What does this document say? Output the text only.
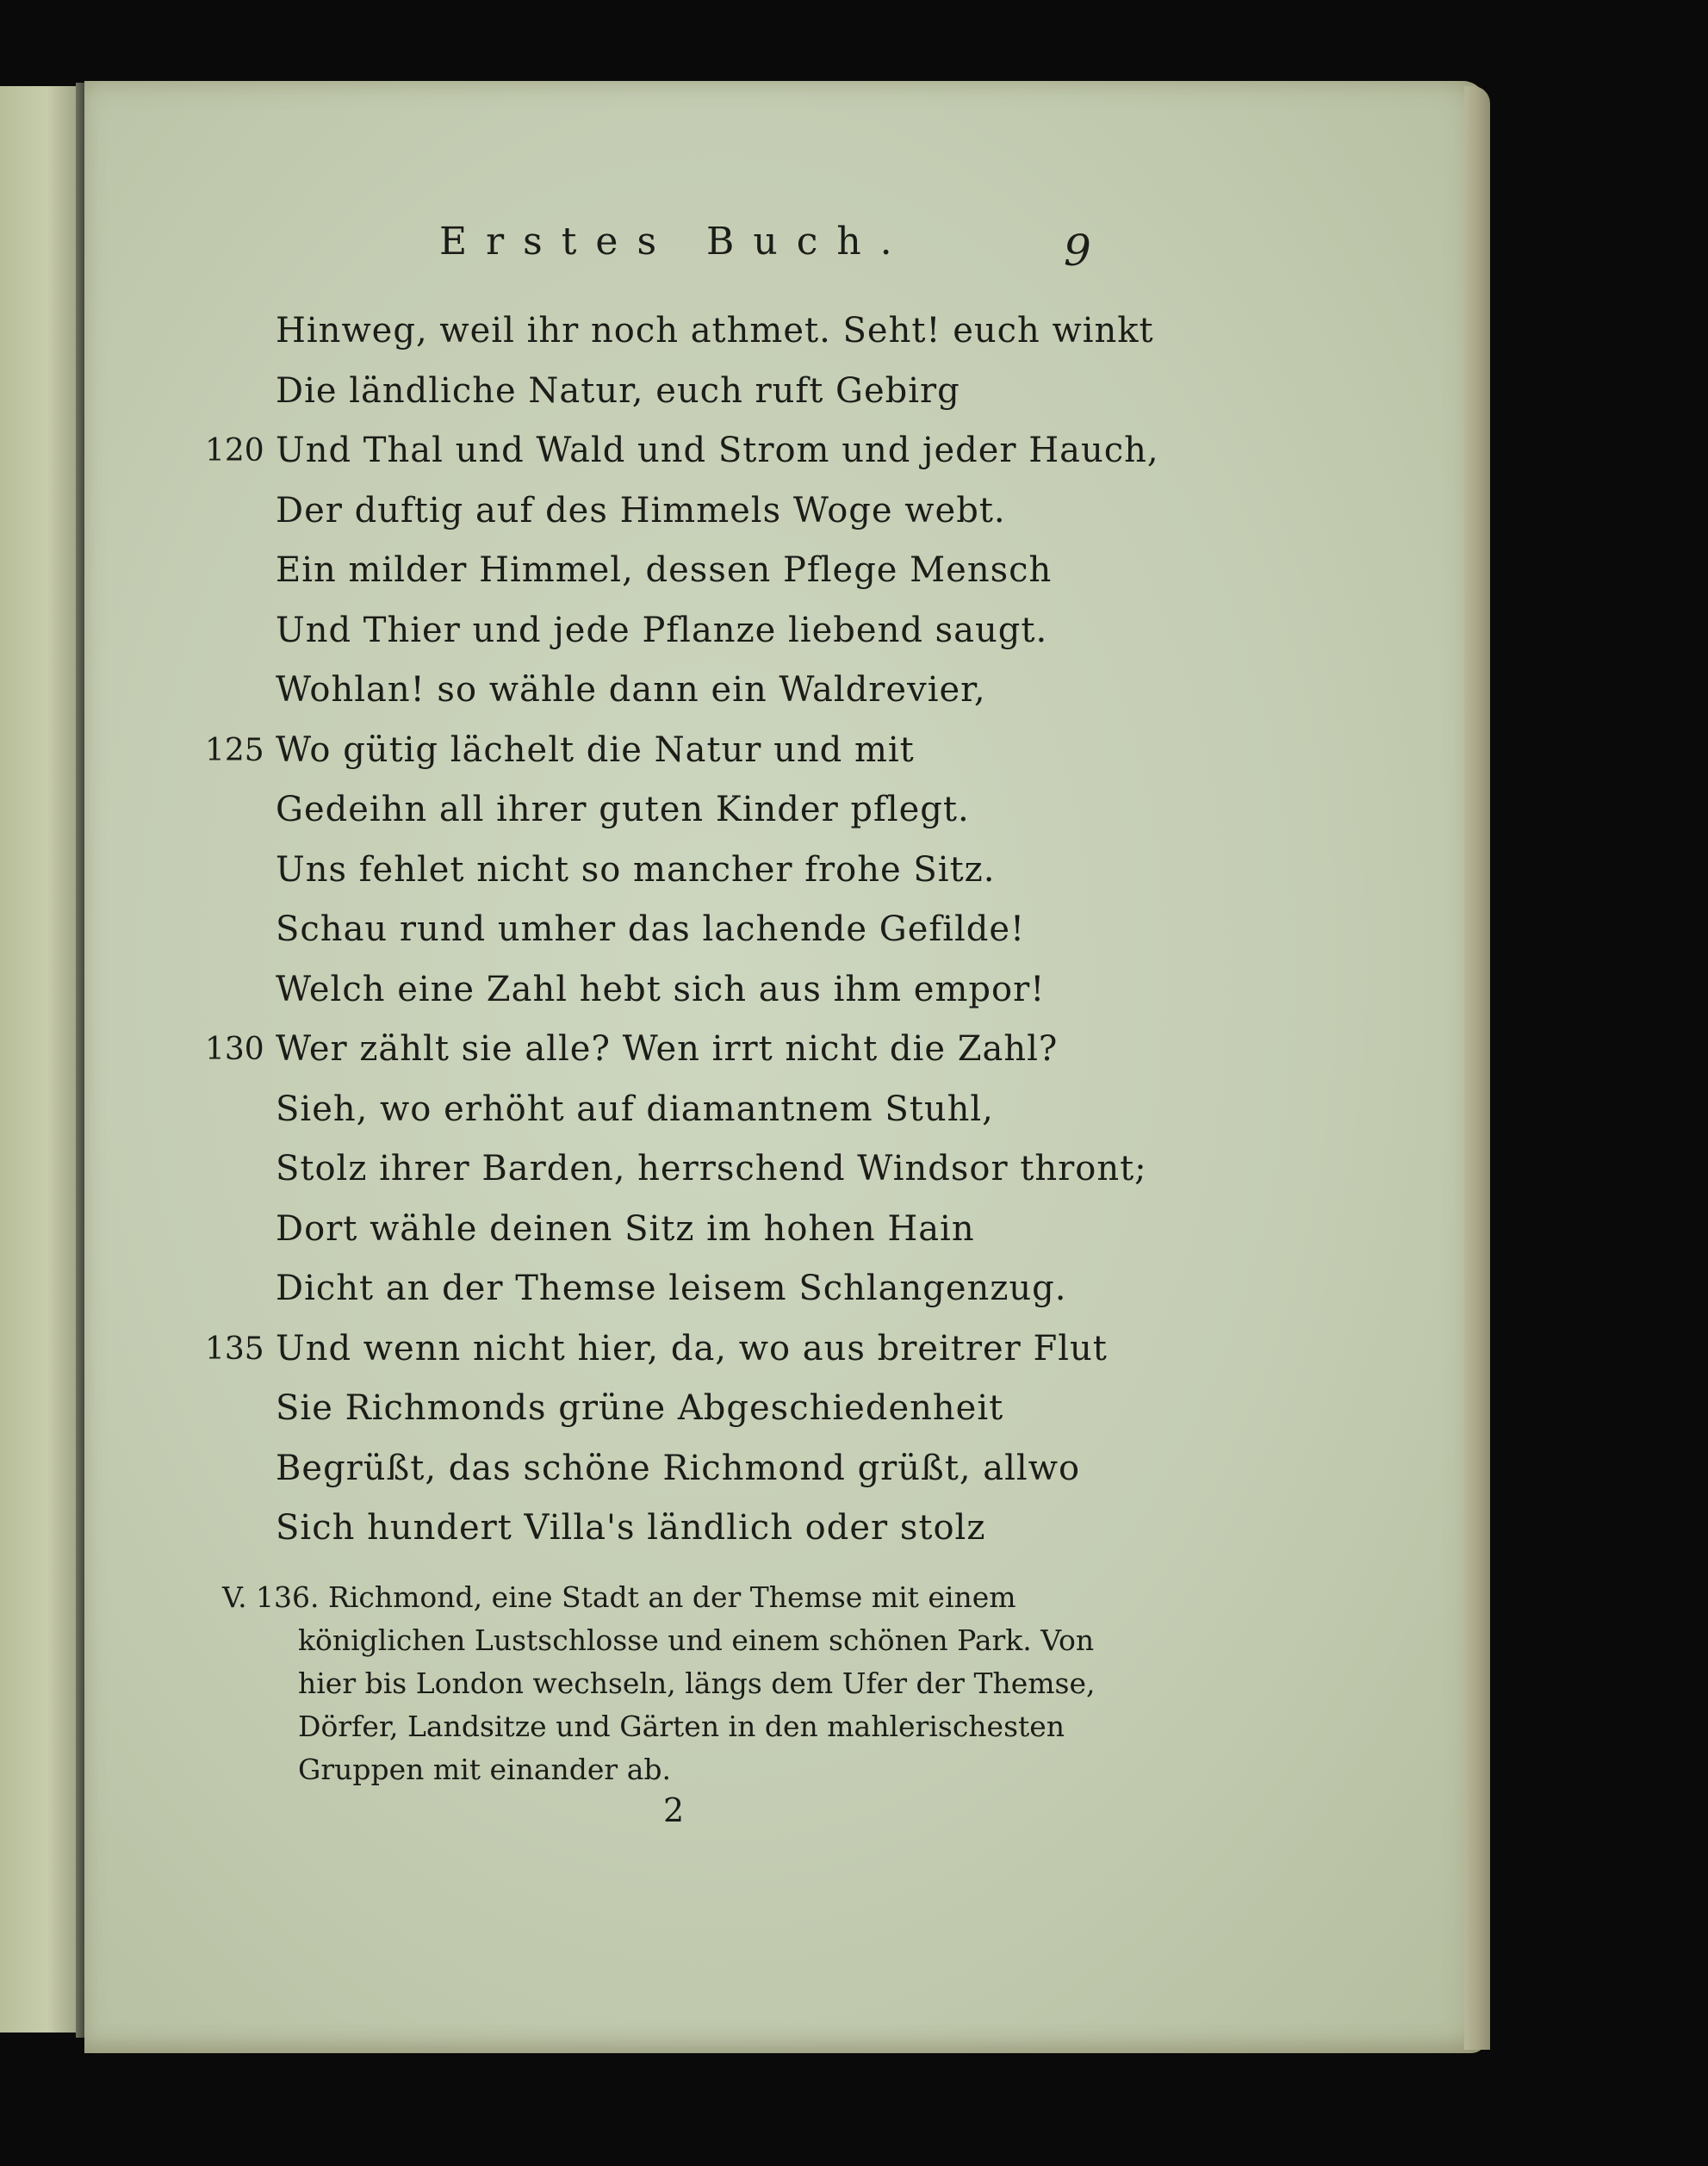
Erstes Buch.	9
Hinweg, weil ihr noch athmet. Seht! euch winkt
Die ländliche Natur, euch ruft Gebirg
120 Und Thal und Wald und Strom und jeder Hauch,
Der duftig auf des Himmels Woge webt.
Ein milder Himmel, dessen Pflege Mensch
Und Thier und jede Pflanze liebend saugt.
Wohlan! so wähle dann ein Waldrevier,
125 Wo gütig lächelt die Natur und mit
Gedeihn all ihrer guten Kinder pflegt.
Uns fehlet nicht so mancher frohe Sitz.
Schau rund umher das lachende Gefilde!
Welch eine Zahl hebt sich aus ihm empor!
130 Wer zählt sie alle? Wen irrt nicht die Zahl?
Sieh, wo erhöht auf diamantnem Stuhl,
Stolz ihrer Barden, herrschend Windsor thront;
Dort wähle deinen Sitz im hohen Hain
Dicht an der Themse leisem Schlangenzug.
135 Und wenn nicht hier, da, wo aus breitrer Flut
Sie Richmonds grüne Abgeschiedenheit
Begrüßt, das schöne Richmond grüßt, allwo
Sich hundert Villa's ländlich oder stolz
V. 136. Richmond, eine Stadt an der Themse mit einem
königlichen Lustschlosse und einem schönen Park. Von
hier bis London wechseln, längs dem Ufer der Themse,
Dörfer, Landsitze und Gärten in den mahlerischesten
Gruppen mit einander ab.
2
